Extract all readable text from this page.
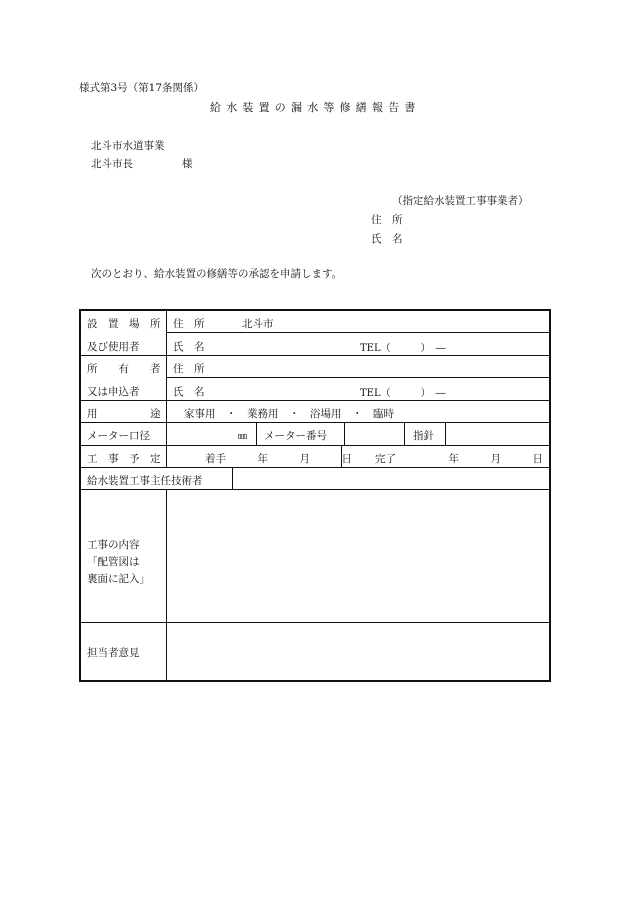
様式第3号（第17条関係）
給水装置の漏水等修繕報告書
北斗市水道事業
北斗市長	様
（指定給水装置工事事業者）
住　所
氏　名
次のとおり、給水装置の修繕等の承認を申請します。
設　置　場　所
及び使用者
住　所	北斗市
氏　名	TEL（　　　）　―
所　　有　　者
又は申込者
住　所
氏　名	TEL（　　　）　―
用　　　　　途 家事用　・　業務用　・　浴場用　・　臨時
メーター口径	㎜ メーター番号	指針
工　事　予　定	着手　　　年　　　月　　　日 完了　　　　　年　　　月　　　日
給水装置工事主任技術者
工事の内容
「配管図は
裏面に記入」
担当者意見
